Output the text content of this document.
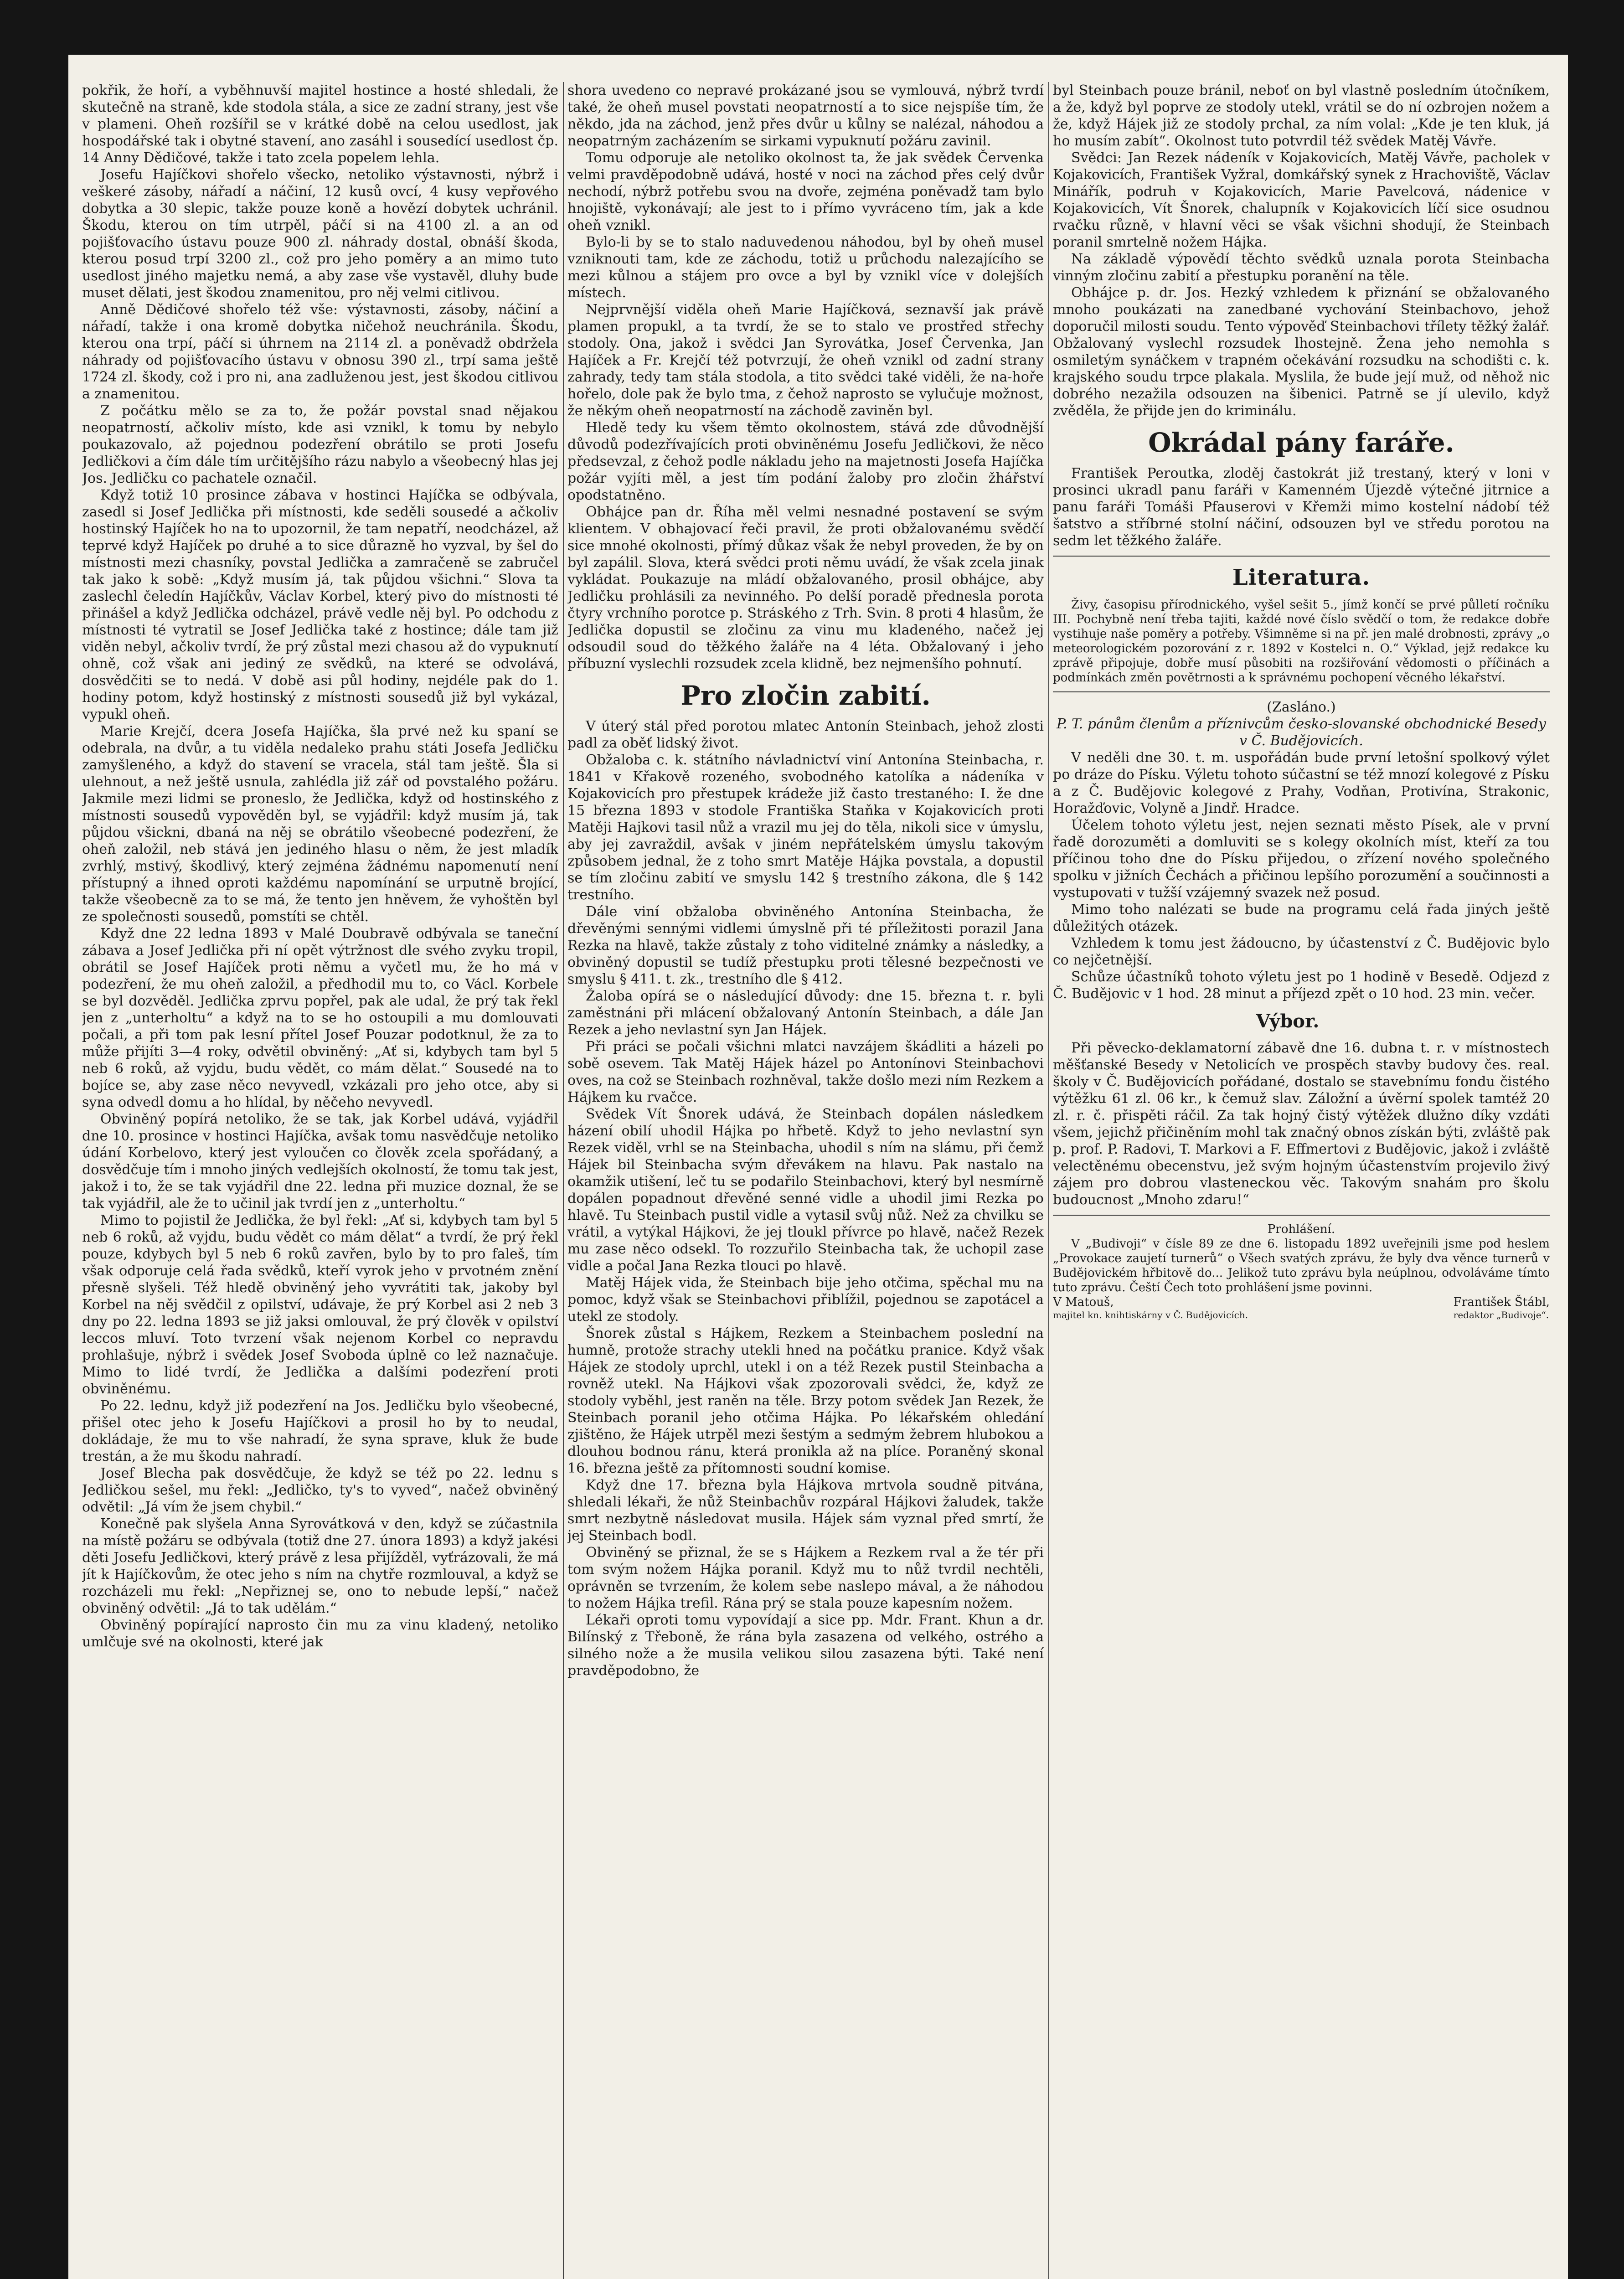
pokřik, že hoří, a vyběhnuvší majitel hostince a hosté shledali, že skutečně na straně, kde stodola stála, a sice ze zadní strany, jest vše v plameni. Oheň rozšířil se v krátké době na celou usedlost, jak hospodářské tak i obytné stavení, ano zasáhl i sousedící usedlost čp. 14 Anny Dědičové, takže i tato zcela popelem lehla.

Josefu Hajíčkovi shořelo všecko, netoliko výstavnosti, nýbrž i veškeré zásoby, nářadí a náčiní, 12 kusů ovcí, 4 kusy vepřového dobytka a 30 slepic, takže pouze koně a hovězí dobytek uchránil. Škodu, kterou on tím utrpěl, páčí si na 4100 zl. a an od pojišťovacího ústavu pouze 900 zl. náhrady dostal, obnáší škoda, kterou posud trpí 3200 zl., což pro jeho poměry a an mimo tuto usedlost jiného majetku nemá, a aby zase vše vystavěl, dluhy bude muset dělati, jest škodou znamenitou, pro něj velmi citlivou.

Anně Dědičové shořelo též vše: výstavnosti, zásoby, náčiní a nářadí, takže i ona kromě dobytka ničehož neuchránila. Škodu, kterou ona trpí, páčí si úhrnem na 2114 zl. a poněvadž obdržela náhrady od pojišťovacího ústavu v obnosu 390 zl., trpí sama ještě 1724 zl. škody, což i pro ni, ana zadluženou jest, jest škodou citlivou a znamenitou.

Z počátku mělo se za to, že požár povstal snad nějakou neopatrností, ačkoliv místo, kde asi vznikl, k tomu by nebylo poukazovalo, až pojednou podezření obrátilo se proti Josefu Jedličkovi a čím dále tím určitějšího rázu nabylo a všeobecný hlas jej Jos. Jedličku co pachatele označil.

Když totiž 10 prosince zábava v hostinci Hajíčka se odbývala, zasedl si Josef Jedlička při místnosti, kde seděli sousedé a ačkoliv hostinský Hajíček ho na to upozornil, že tam nepatří, neodcházel, až teprvé když Hajíček po druhé a to sice důrazně ho vyzval, by šel do místnosti mezi chasníky, povstal Jedlička a zamračeně se zabručel tak jako k sobě: „Když musím já, tak půjdou všichni.“ Slova ta zaslechl čeledín Hajíčkův, Václav Korbel, který pivo do místnosti té přinášel a když Jedlička odcházel, právě vedle něj byl. Po odchodu z místnosti té vytratil se Josef Jedlička také z hostince; dále tam již viděn nebyl, ačkoliv tvrdí, že prý zůstal mezi chasou až do vypuknutí ohně, což však ani jediný ze svědků, na které se odvolává, dosvědčiti se to nedá. V době asi půl hodiny, nejdéle pak do 1. hodiny potom, když hostinský z místnosti sousedů již byl vykázal, vypukl oheň.

Marie Krejčí, dcera Josefa Hajíčka, šla prvé než ku spaní se odebrala, na dvůr, a tu viděla nedaleko prahu státi Josefa Jedličku zamyšleného, a když do stavení se vracela, stál tam ještě. Šla si ulehnout, a než ještě usnula, zahlédla již zář od povstalého požáru. Jakmile mezi lidmi se proneslo, že Jedlička, když od hostinského z místnosti sousedů vypověděn byl, se vyjádřil: když musím já, tak půjdou všickni, dbaná na něj se obrátilo všeobecné podezření, že oheň založil, neb stává jen jediného hlasu o něm, že jest mladík zvrhlý, mstivý, škodlivý, který zejména žádnému napomenutí není přístupný a ihned oproti každému napomínání se urputně brojící, takže všeobecně za to se má, že tento jen hněvem, že vyhoštěn byl ze společnosti sousedů, pomstíti se chtěl.

Když dne 22 ledna 1893 v Malé Doubravě odbývala se taneční zábava a Josef Jedlička při ní opět výtržnost dle svého zvyku tropil, obrátil se Josef Hajíček proti němu a vyčetl mu, že ho má v podezření, že mu oheň založil, a předhodil mu to, co Václ. Korbele se byl dozvěděl. Jedlička zprvu popřel, pak ale udal, že prý tak řekl jen z „unterholtu“ a když na to se ho ostoupili a mu domlouvati počali, a při tom pak lesní přítel Josef Pouzar podotknul, že za to může přijíti 3—4 roky, odvětil obviněný: „Ať si, kdybych tam byl 5 neb 6 roků, až vyjdu, budu vědět, co mám dělat.“ Sousedé na to bojíce se, aby zase něco nevyvedl, vzkázali pro jeho otce, aby si syna odvedl domu a ho hlídal, by něčeho nevyvedl.

Obviněný popírá netoliko, že se tak, jak Korbel udává, vyjádřil dne 10. prosince v hostinci Hajíčka, avšak tomu nasvědčuje netoliko údání Korbelovo, který jest vyloučen co člověk zcela spořádaný, a dosvědčuje tím i mnoho jiných vedlejších okolností, že tomu tak jest, jakož i to, že se tak vyjádřil dne 22. ledna při muzice doznal, že se tak vyjádřil, ale že to učinil jak tvrdí jen z „unterholtu.“

Mimo to pojistil že Jedlička, že byl řekl: „Ať si, kdybych tam byl 5 neb 6 roků, až vyjdu, budu vědět co mám dělat“ a tvrdí, že prý řekl pouze, kdybych byl 5 neb 6 roků zavřen, bylo by to pro faleš, tím však odporuje celá řada svědků, kteří vyrok jeho v prvotném znění přesně slyšeli. Též hledě obviněný jeho vyvrátiti tak, jakoby byl Korbel na něj svědčil z opilství, udávaje, že prý Korbel asi 2 neb 3 dny po 22. ledna 1893 se již jaksi omlouval, že prý člověk v opilství leccos mluví. Toto tvrzení však nejenom Korbel co nepravdu prohlašuje, nýbrž i svědek Josef Svoboda úplně co lež naznačuje. Mimo to lidé tvrdí, že Jedlička a dalšími podezření proti obviněnému.

Po 22. lednu, když již podezření na Jos. Jedličku bylo všeobecné, přišel otec jeho k Josefu Hajíčkovi a prosil ho by to neudal, dokládaje, že mu to vše nahradí, že syna sprave, kluk že bude trestán, a že mu škodu nahradí.

Josef Blecha pak dosvědčuje, že když se též po 22. lednu s Jedličkou sešel, mu řekl: „Jedličko, ty's to vyved“, načež obviněný odvětil: „Já vím že jsem chybil.“

Konečně pak slyšela Anna Syrovátková v den, když se zúčastnila na místě požáru se odbývala (totiž dne 27. února 1893) a když jakési děti Josefu Jedličkovi, který právě z lesa přijížděl, vyťrázovali, že má jít k Hajíčkovům, že otec jeho s ním na chytře rozmlouval, a když se rozcházeli mu řekl: „Nepřiznej se, ono to nebude lepší,“ načež obviněný odvětil: „Já to tak udělám.“

Obviněný popírající naprosto čin mu za vinu kladený, netoliko umlčuje své na okolnosti, které jak

shora uvedeno co nepravé prokázané jsou se vymlouvá, nýbrž tvrdí také, že oheň musel povstati neopatrností a to sice nejspíše tím, že někdo, jda na záchod, jenž přes dvůr u kůlny se nalézal, náhodou a neopatrným zacházením se sirkami vypuknutí požáru zavinil.

Tomu odporuje ale netoliko okolnost ta, že jak svědek Červenka velmi pravděpodobně udává, hosté v noci na záchod přes celý dvůr nechodí, nýbrž potřebu svou na dvoře, zejména poněvadž tam bylo hnojiště, vykonávají; ale jest to i přímo vyvráceno tím, jak a kde oheň vznikl.

Bylo-li by se to stalo naduvedenou náhodou, byl by oheň musel vzniknouti tam, kde ze záchodu, totiž u průchodu nalezajícího se mezi kůlnou a stájem pro ovce a byl by vznikl více v dolejších místech.

Nejprvnější viděla oheň Marie Hajíčková, seznavší jak právě plamen propukl, a ta tvrdí, že se to stalo ve prostřed střechy stodoly. Ona, jakož i svědci Jan Syrovátka, Josef Červenka, Jan Hajíček a Fr. Krejčí též potvrzují, že oheň vznikl od zadní strany zahrady, tedy tam stála stodola, a tito svědci také viděli, že na-hoře hořelo, dole pak že bylo tma, z čehož naprosto se vylučuje možnost, že někým oheň neopatrností na záchodě zaviněn byl.

Hledě tedy ku všem těmto okolnostem, stává zde důvodnější důvodů podezřívajících proti obviněnému Josefu Jedličkovi, že něco předsevzal, z čehož podle nákladu jeho na majetnosti Josefa Hajíčka požár vyjíti měl, a jest tím podání žaloby pro zločin žhářství opodstatněno.

Obhájce pan dr. Říha měl velmi nesnadné postavení se svým klientem. V obhajovací řeči pravil, že proti obžalovanému svědčí sice mnohé okolnosti, přímý důkaz však že nebyl proveden, že by on byl zapálil. Slova, která svědci proti němu uvádí, že však zcela jinak vykládat. Poukazuje na mládí obžalovaného, prosil obhájce, aby Jedličku prohlásili za nevinného. Po delší poradě přednesla porota čtyry vrchního porotce p. Stráského z Trh. Svin. 8 proti 4 hlasům, že Jedlička dopustil se zločinu za vinu mu kladeného, načež jej odsoudil soud do těžkého žaláře na 4 léta. Obžalovaný i jeho příbuzní vyslechli rozsudek zcela klidně, bez nejmenšího pohnutí.

Pro zločin zabití.

V úterý stál před porotou mlatec Antonín Steinbach, jehož zlosti padl za oběť lidský život.

Obžaloba c. k. státního návladnictví viní Antonína Steinbacha, r. 1841 v Křakově rozeného, svobodného katolíka a nádeníka v Kojakovicích pro přestupek krádeže již často trestaného: I. že dne 15 března 1893 v stodole Františka Staňka v Kojakovicích proti Matěji Hajkovi tasil nůž a vrazil mu jej do těla, nikoli sice v úmyslu, aby jej zavraždil, avšak v jiném nepřátelském úmyslu takovým způsobem jednal, že z toho smrt Matěje Hájka povstala, a dopustil se tím zločinu zabití ve smyslu 142 § trestního zákona, dle § 142 trestního.

Dále viní obžaloba obviněného Antonína Steinbacha, že dřevěnými sennými vidlemi úmyslně při té příležitosti porazil Jana Rezka na hlavě, takže zůstaly z toho viditelné známky a následky, a obviněný dopustil se tudíž přestupku proti tělesné bezpečnosti ve smyslu § 411. t. zk., trestního dle § 412.

Žaloba opírá se o následující důvody: dne 15. března t. r. byli zaměstnáni při mlácení obžalovaný Antonín Steinbach, a dále Jan Rezek a jeho nevlastní syn Jan Hájek.

Při práci se počali všichni mlatci navzájem škádliti a házeli po sobě osevem. Tak Matěj Hájek házel po Antonínovi Steinbachovi oves, na což se Steinbach rozhněval, takže došlo mezi ním Rezkem a Hájkem ku rvačce.

Svědek Vít Šnorek udává, že Steinbach dopálen následkem házení obilí uhodil Hájka po hřbetě. Když to jeho nevlastní syn Rezek viděl, vrhl se na Steinbacha, uhodil s ním na slámu, při čemž Hájek bil Steinbacha svým dřevákem na hlavu. Pak nastalo na okamžik utišení, leč tu se podařilo Steinbachovi, který byl nesmírně dopálen popadnout dřevěné senné vidle a uhodil jimi Rezka po hlavě. Tu Steinbach pustil vidle a vytasil svůj nůž. Než za chvilku se vrátil, a vytýkal Hájkovi, že jej tloukl přívrce po hlavě, načež Rezek mu zase něco odsekl. To rozzuřilo Steinbacha tak, že uchopil zase vidle a počal Jana Rezka tlouci po hlavě.

Matěj Hájek vida, že Steinbach bije jeho otčima, spěchal mu na pomoc, když však se Steinbachovi přiblížil, pojednou se zapotácel a utekl ze stodoly.

Šnorek zůstal s Hájkem, Rezkem a Steinbachem poslední na humně, protože strachy utekli hned na počátku pranice. Když však Hájek ze stodoly uprchl, utekl i on a též Rezek pustil Steinbacha a rovněž utekl. Na Hájkovi však zpozorovali svědci, že, když ze stodoly vyběhl, jest raněn na těle. Brzy potom svědek Jan Rezek, že Steinbach poranil jeho otčima Hájka. Po lékařském ohledání zjištěno, že Hájek utrpěl mezi šestým a sedmým žebrem hlubokou a dlouhou bodnou ránu, která pronikla až na plíce. Poraněný skonal 16. března ještě za přítomnosti soudní komise.

Když dne 17. března byla Hájkova mrtvola soudně pitvána, shledali lékaři, že nůž Steinbachův rozpáral Hájkovi žaludek, takže smrt nezbytně následovat musila. Hájek sám vyznal před smrtí, že jej Steinbach bodl.

Obviněný se přiznal, že se s Hájkem a Rezkem rval a že tér při tom svým nožem Hájka poranil. Když mu to nůž tvrdil nechtěli, oprávněn se tvrzením, že kolem sebe naslepo mával, a že náhodou to nožem Hájka trefil. Rána prý se stala pouze kapesním nožem.

Lékaři oproti tomu vypovídají a sice pp. Mdr. Frant. Khun a dr. Bilínský z Třeboně, že rána byla zasazena od velkého, ostrého a silného nože a že musila velikou silou zasazena býti. Také není pravděpodobno, že

byl Steinbach pouze bránil, neboť on byl vlastně posledním útočníkem, a že, když byl poprve ze stodoly utekl, vrátil se do ní ozbrojen nožem a že, když Hájek již ze stodoly prchal, za ním volal: „Kde je ten kluk, já ho musím zabít“. Okolnost tuto potvrdil též svědek Matěj Vávře.

Svědci: Jan Rezek nádeník v Kojakovicích, Matěj Vávře, pacholek v Kojakovicích, František Vyžral, domkářský synek z Hrachoviště, Václav Minářík, podruh v Kojakovicích, Marie Pavelcová, nádenice v Kojakovicích, Vít Šnorek, chalupník v Kojakovicích líčí sice osudnou rvačku různě, v hlavní věci se však všichni shodují, že Steinbach poranil smrtelně nožem Hájka.

Na základě výpovědí těchto svědků uznala porota Steinbacha vinným zločinu zabití a přestupku poranění na těle.

Obhájce p. dr. Jos. Hezký vzhledem k přiznání se obžalovaného mnoho poukázati na zanedbané vychování Steinbachovo, jehož doporučil milosti soudu. Tento výpověď Steinbachovi třílety těžký žalář. Obžalovaný vyslechl rozsudek lhostejně. Žena jeho nemohla s osmiletým synáčkem v trapném očekávání rozsudku na schodišti c. k. krajského soudu trpce plakala. Myslila, že bude její muž, od něhož nic dobrého nezažila odsouzen na šibenici. Patrně se jí ulevilo, když zvěděla, že přijde jen do kriminálu.

Okrádal pány faráře.

František Peroutka, zloděj častokrát již trestaný, který v loni v prosinci ukradl panu faráři v Kamenném Újezdě výtečné jitrnice a panu faráři Tomáši Pfauserovi v Křemži mimo kostelní nádobí též šatstvo a stříbrné stolní náčiní, odsouzen byl ve středu porotou na sedm let těžkého žaláře.

Literatura.

Živy, časopisu přírodnického, vyšel sešit 5., jímž končí se prvé půlletí ročníku III. Pochybně není třeba tajiti, každé nové číslo svědčí o tom, že redakce dobře vystihuje naše poměry a potřeby. Všimněme si na př. jen malé drobnosti, zprávy „o meteorologickém pozorování z r. 1892 v Kostelci n. O.“ Výklad, jejž redakce ku zprávě připojuje, dobře musí působiti na rozšiřování vědomosti o příčinách a podmínkách změn povětrnosti a k správnému pochopení věcného lékařství.

(Zasláno.)

P. T. pánům členům a příznivcům česko-slovanské obchodnické Besedy v Č. Budějovicích.

V neděli dne 30. t. m. uspořádán bude první letošní spolkový výlet po dráze do Písku. Výletu tohoto súčastní se též mnozí kolegové z Písku a z Č. Budějovic kolegové z Prahy, Vodňan, Protivína, Strakonic, Horažďovic, Volyně a Jindř. Hradce.

Účelem tohoto výletu jest, nejen seznati město Písek, ale v první řadě dorozuměti a domluviti se s kolegy okolních míst, kteří za tou příčinou toho dne do Písku přijedou, o zřízení nového společného spolku v jižních Čechách a přičinou lepšího porozumění a součinnosti a vystupovati v tužší vzájemný svazek než posud.

Mimo toho nalézati se bude na programu celá řada jiných ještě důležitých otázek.

Vzhledem k tomu jest žádoucno, by účastenství z Č. Budějovic bylo co nejčetnější.

Schůze účastníků tohoto výletu jest po 1 hodině v Besedě. Odjezd z Č. Budějovic v 1 hod. 28 minut a příjezd zpět o 10 hod. 23 min. večer.

Výbor.

Při pěvecko-deklamatorní zábavě dne 16. dubna t. r. v místnostech měšťanské Besedy v Netolicích ve prospěch stavby budovy čes. real. školy v Č. Budějovicích pořádané, dostalo se stavebnímu fondu čistého výtěžku 61 zl. 06 kr., k čemuž slav. Záložní a úvěrní spolek tamtéž 20 zl. r. č. přispěti ráčil. Za tak hojný čistý výtěžek dlužno díky vzdáti všem, jejichž přičiněním mohl tak značný obnos získán býti, zvláště pak p. prof. P. Radovi, T. Markovi a F. Effmertovi z Budějovic, jakož i zvláště velectěnému obecenstvu, jež svým hojným účastenstvím projevilo živý zájem pro dobrou vlasteneckou věc. Takovým snahám pro školu budoucnost „Mnoho zdaru!“

Prohlášení.

V „Budivoji“ v čísle 89 ze dne 6. listopadu 1892 uveřejnili jsme pod heslem „Provokace zaujetí turnerů“ o Všech svatých zprávu, že byly dva věnce turnerů v Budějovickém hřbitově do... Jelikož tuto zprávu byla neúplnou, odvoláváme tímto tuto zprávu. Čeští Čech toto prohlášení jsme povinni.

V Matouš,
majitel kn. knihtiskárny v Č. Budějovicích.
František Štábl,
redaktor „Budivoje“.
